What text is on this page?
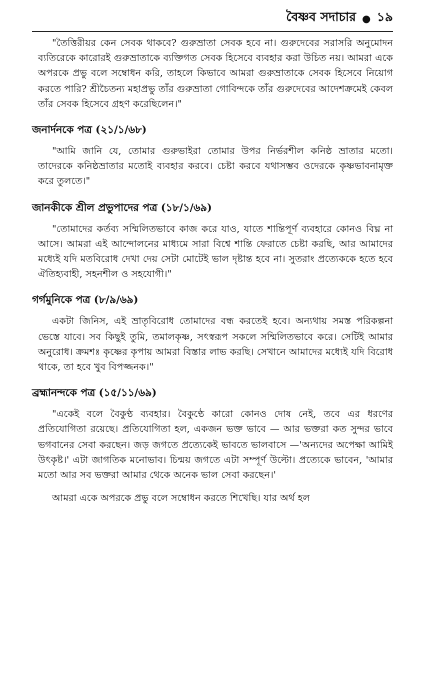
বৈষ্ণব সদাচার ● ১৯

"তৈত্তিরীয়র কেন সেবক থাকবে? গুরুভ্রাতা সেবক হবে না। গুরুদেবের সরাসরি অনুমোদন ব্যতিরেকে কারোরই গুরুভ্রাতাকে ব্যক্তিগত সেবক হিসেবে ব্যবহার করা উচিত নয়। আমরা একে অপরকে প্রভু বলে সম্বোধন করি, তাহলে কিভাবে আমরা গুরুভ্রাতাকে সেবক হিসেবে নিয়োগ করতে পারি? শ্রীচৈতন্য মহাপ্রভু তাঁর গুরুভ্রাতা গোবিন্দকে তাঁর গুরুদেবের আদেশক্রমেই কেবল তাঁর সেবক হিসেবে গ্রহণ করেছিলেন।"

জনার্দনকে পত্র (২১/১/৬৮)

"আমি জানি যে, তোমার গুরুভাইরা তোমার উপর নির্ভরশীল কনিষ্ঠ ভ্রাতার মতো। তাদেরকে কনিষ্ঠভ্রাতার মতোই ব্যবহার করবে। চেষ্টা করবে যথাসম্ভব ওদেরকে কৃষ্ণভাবনামৃক্ত করে তুলতে।"

জানকীকে শ্রীল প্রভুপাদের পত্র (১৮/১/৬৯)

"তোমাদের কর্তব্য সম্মিলিতভাবে কাজ করে যাও, যাতে শান্তিপূর্ণ ব্যবহারে কোনও বিঘ্ন না আসে। আমরা এই আন্দোলনের মাধ্যমে সারা বিশ্বে শান্তি ফেরাতে চেষ্টা করছি, আর আমাদের মধ্যেই যদি মতবিরোধ দেখা দেয় সেটা মোটেই ভাল দৃষ্টান্ত হবে না। সুতরাং প্রত্যেককে হতে হবে ঐতিহ্যবাহী, সহনশীল ও সহযোগী।"

গর্গমুনিকে পত্র (৮/৯/৬৯)

একটা জিনিস, এই ভ্রাতৃবিরোধ তোমাদের বন্ধ করতেই হবে। অন্যথায় সমস্ত পরিকল্পনা ভেস্তে যাবে। সব কিছুই তুমি, তমালকৃষ্ণ, সৎস্বরূপ সকলে সম্মিলিতভাবে করে। সেটিই আমার অনুরোধ। ক্রমশঃ কৃষ্ণের কৃপায় আমরা বিস্তার লাভ করছি। সেখানে আমাদের মধ্যেই যদি বিরোধ থাকে, তা হবে খুব বিপজ্জনক।"

ব্রহ্মানন্দকে পত্র (১৫/১১/৬৯)

"একেই বলে বৈকুণ্ঠ ব্যবহার। বৈকুণ্ঠে কারো কোনও দোষ নেই, তবে এর ধরণের প্রতিযোগিতা রয়েছে। প্রতিযোগিতা হল, একজন ভক্ত ভাবে — আর ভক্তরা কত সুন্দর ভাবে ভগবানের সেবা করছেন। জড় জগতে প্রত্যেকেই ভাবতে ভালবাসে —'অন্যদের অপেক্ষা আমিই উৎকৃষ্ট।' এটা জাগতিক মনোভাব। চিন্ময় জগতে এটা সম্পূর্ণ উল্টো। প্রত্যেকে ভাবেন, 'আমার মতো আর সব ভক্তরা আমার থেকে অনেক ভাল সেবা করছেন।'

আমরা একে অপরকে প্রভু বলে সম্বোধন করতে শিখেছি। যার অর্থ হল
